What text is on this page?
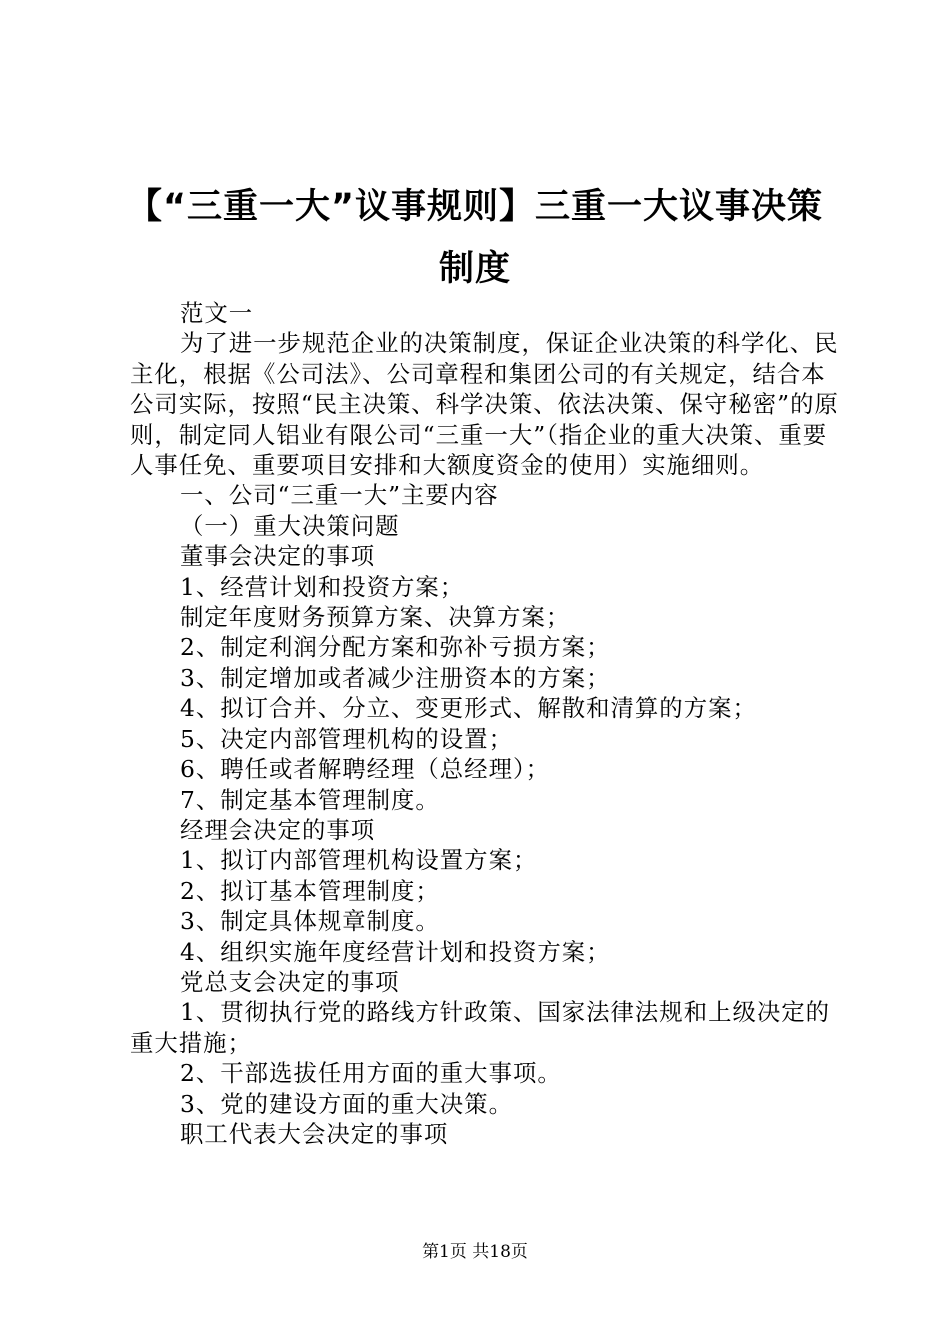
【“三重一大”议事规则】三重一大议事决策制度

范文一

为了进一步规范企业的决策制度，保证企业决策的科学化、民主化，根据《公司法》、公司章程和集团公司的有关规定，结合本公司实际，按照“民主决策、科学决策、依法决策、保守秘密”的原则，制定同人铝业有限公司“三重一大”（指企业的重大决策、重要人事任免、重要项目安排和大额度资金的使用）实施细则。

一、公司“三重一大”主要内容

（一）重大决策问题

董事会决定的事项

1、经营计划和投资方案；

制定年度财务预算方案、决算方案；

2、制定利润分配方案和弥补亏损方案；

3、制定增加或者减少注册资本的方案；

4、拟订合并、分立、变更形式、解散和清算的方案；

5、决定内部管理机构的设置；

6、聘任或者解聘经理（总经理）；

7、制定基本管理制度。

经理会决定的事项

1、拟订内部管理机构设置方案；

2、拟订基本管理制度；

3、制定具体规章制度。

4、组织实施年度经营计划和投资方案；

党总支会决定的事项

1、贯彻执行党的路线方针政策、国家法律法规和上级决定的重大措施；

2、干部选拔任用方面的重大事项。

3、党的建设方面的重大决策。

职工代表大会决定的事项

第1页 共18页
